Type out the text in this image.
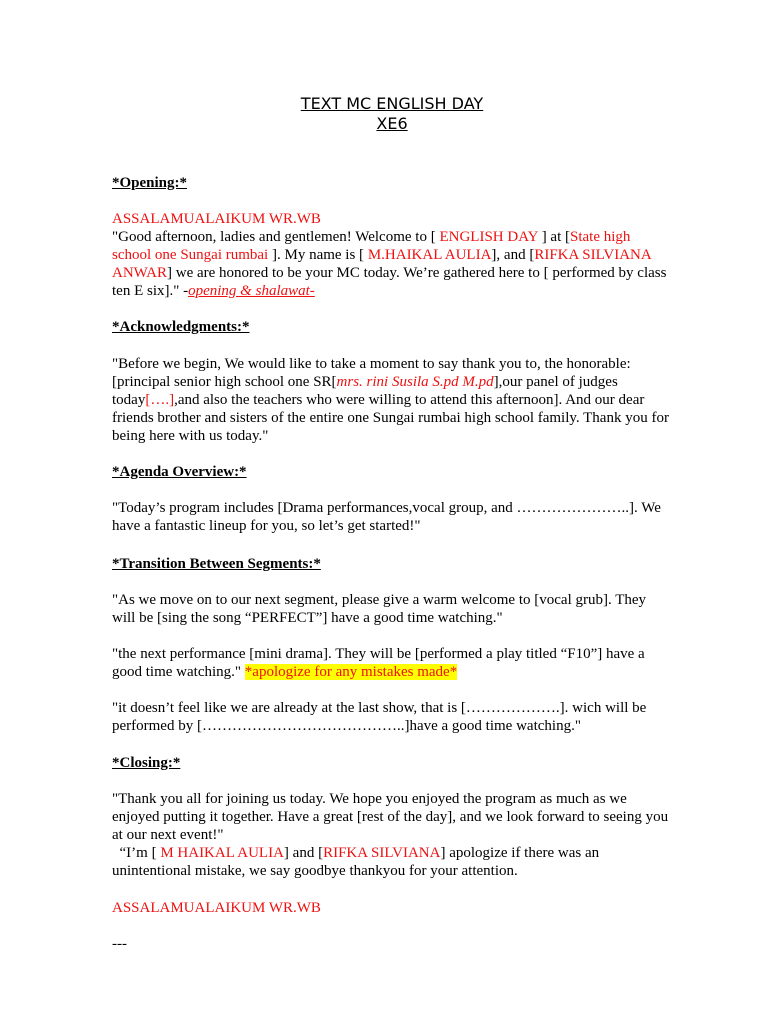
TEXT MC ENGLISH DAY
XE6

*Opening:*

ASSALAMUALAIKUM WR.WB

"Good afternoon, ladies and gentlemen! Welcome to [ ENGLISH DAY ] at [State high school one Sungai rumbai ]. My name is [ M.HAIKAL AULIA], and [RIFKA SILVIANA ANWAR] we are honored to be your MC today. We’re gathered here to [ performed by class ten E six]." -opening & shalawat-

*Acknowledgments:*

"Before we begin, We would like to take a moment to say thank you to, the honorable: [principal senior high school one SR[mrs. rini Susila S.pd M.pd],our panel of judges today[….],and also the teachers who were willing to attend this afternoon]. And our dear friends brother and sisters of the entire one Sungai rumbai high school family. Thank you for being here with us today."

*Agenda Overview:*

"Today’s program includes [Drama performances,vocal group, and …………………..]. We have a fantastic lineup for you, so let’s get started!"

*Transition Between Segments:*

"As we move on to our next segment, please give a warm welcome to [vocal grub]. They will be [sing the song “PERFECT”] have a good time watching."

"the next performance [mini drama]. They will be [performed a play titled “F10”] have a good time watching." *apologize for any mistakes made*

"it doesn’t feel like we are already at the last show, that is [……………….]. wich will be performed by […………………………………..]have a good time watching."

*Closing:*

"Thank you all for joining us today. We hope you enjoyed the program as much as we enjoyed putting it together. Have a great [rest of the day], and we look forward to seeing you at our next event!"

“I’m [ M HAIKAL AULIA] and [RIFKA SILVIANA] apologize if there was an unintentional mistake, we say goodbye thankyou for your attention.

ASSALAMUALAIKUM WR.WB

---
